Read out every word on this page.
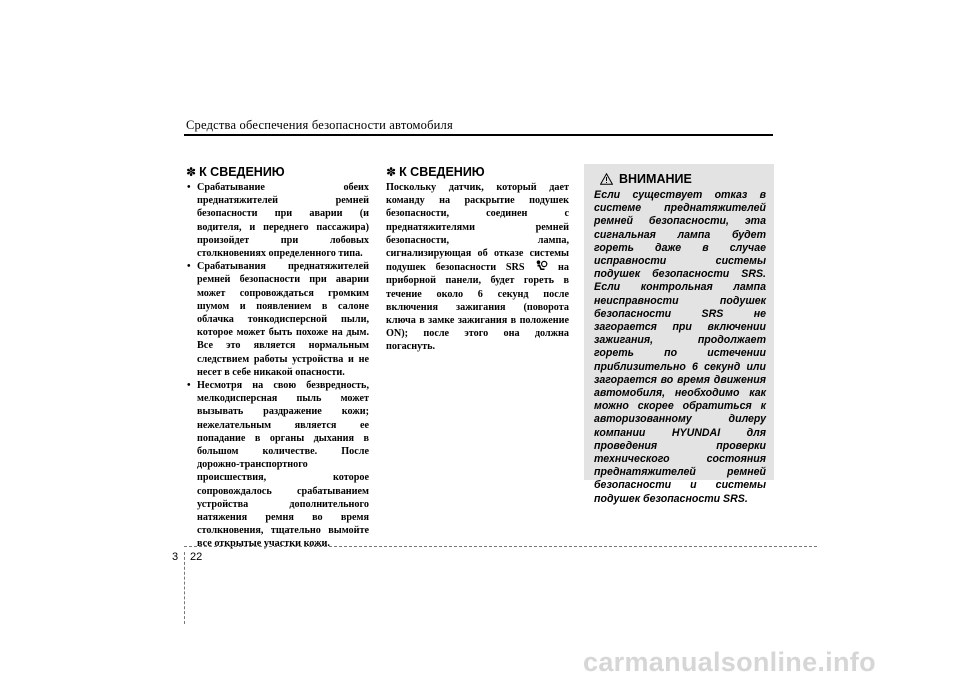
Средства обеспечения безопасности автомобиля
✽ К СВЕДЕНИЮ
• Срабатывание обеих преднатяжителей ремней безопасности при аварии (и водителя, и переднего пассажира) произойдет при лобовых столкновениях определенного типа.
• Срабатывания преднатяжителей ремней безопасности при аварии может сопровождаться громким шумом и появлением в салоне облачка тонкодисперсной пыли, которое может быть похоже на дым. Все это является нормальным следствием работы устройства и не несет в себе никакой опасности.
• Несмотря на свою безвредность, мелкодисперсная пыль может вызывать раздражение кожи; нежелательным является ее попадание в органы дыхания в большом количестве. После дорожно-транспортного происшествия, которое сопровождалось срабатыванием устройства дополнительного натяжения ремня во время столкновения, тщательно вымойте все открытые участки кожи.
✽ К СВЕДЕНИЮ

Поскольку датчик, который дает команду на раскрытие подушек безопасности, соединен с преднатяжителями ремней безопасности, лампа, сигнализирующая об отказе системы подушек безопасности SRS	на приборной панели, будет гореть в течение около 6 секунд после включения зажигания (поворота ключа в замке зажигания в положение ON); после этого она должна погаснуть.

ВНИМАНИЕ
Если существует отказ в системе преднатяжителей ремней безопасности, эта сигнальная лампа будет гореть даже в случае исправности системы подушек безопасности SRS. Если контрольная лампа неисправности подушек безопасности SRS не загорается при включении зажигания, продолжает гореть по истечении приблизительно 6 секунд или загорается во время движения автомобиля, необходимо как можно скорее обратиться к авторизованному дилеру компании HYUNDAI для проведения проверки технического состояния преднатяжителей ремней безопасности и системы подушек безопасности SRS.
3 22
carmanualsonline.info
